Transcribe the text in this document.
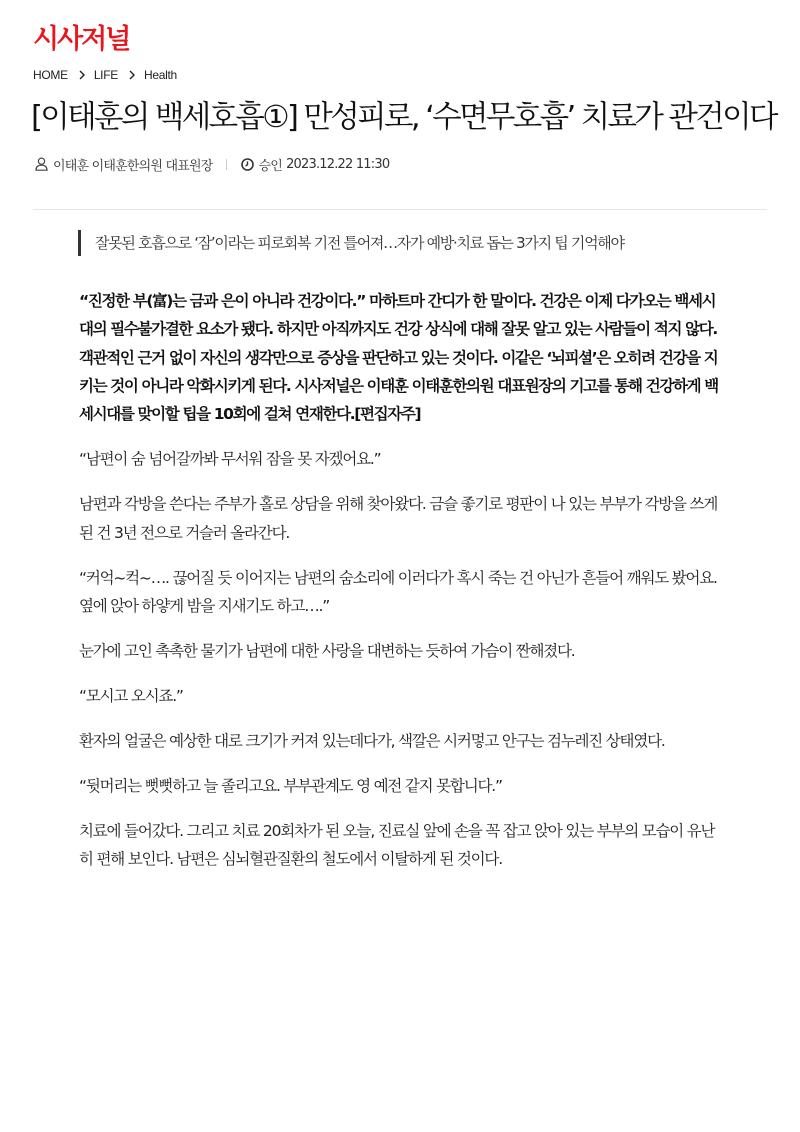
시사저널
HOME LIFE Health
[이태훈의 백세호흡①] 만성피로, ‘수면무호흡’ 치료가 관건이다
이태훈 이태훈한의원 대표원장	승인 2023.12.22 11:30
잘못된 호흡으로 ‘잠’이라는 피로회복 기전 틀어져…자가 예방·치료 돕는 3가지 팁 기억해야

“진정한 부(富)는 금과 은이 아니라 건강이다.” 마하트마 간디가 한 말이다. 건강은 이제 다가오는 백세시대의 필수불가결한 요소가 됐다. 하지만 아직까지도 건강 상식에 대해 잘못 알고 있는 사람들이 적지 않다. 객관적인 근거 없이 자신의 생각만으로 증상을 판단하고 있는 것이다. 이같은 ‘뇌피셜’은 오히려 건강을 지키는 것이 아니라 악화시키게 된다. 시사저널은 이태훈 이태훈한의원 대표원장의 기고를 통해 건강하게 백세시대를 맞이할 팁을 10회에 걸쳐 연재한다.[편집자주]

“남편이 숨 넘어갈까봐 무서워 잠을 못 자겠어요.”

남편과 각방을 쓴다는 주부가 홀로 상담을 위해 찾아왔다. 금슬 좋기로 평판이 나 있는 부부가 각방을 쓰게 된 건 3년 전으로 거슬러 올라간다.

“커억~컥~…. 끊어질 듯 이어지는 남편의 숨소리에 이러다가 혹시 죽는 건 아닌가 흔들어 깨워도 봤어요. 옆에 앉아 하얗게 밤을 지새기도 하고….”

눈가에 고인 촉촉한 물기가 남편에 대한 사랑을 대변하는 듯하여 가슴이 짠해졌다.

“모시고 오시죠.”

환자의 얼굴은 예상한 대로 크기가 커져 있는데다가, 색깔은 시커멓고 안구는 검누레진 상태였다.

“뒷머리는 뻣뻣하고 늘 졸리고요. 부부관계도 영 예전 같지 못합니다.”

치료에 들어갔다. 그리고 치료 20회차가 된 오늘, 진료실 앞에 손을 꼭 잡고 앉아 있는 부부의 모습이 유난히 편해 보인다. 남편은 심뇌혈관질환의 철도에서 이탈하게 된 것이다.
